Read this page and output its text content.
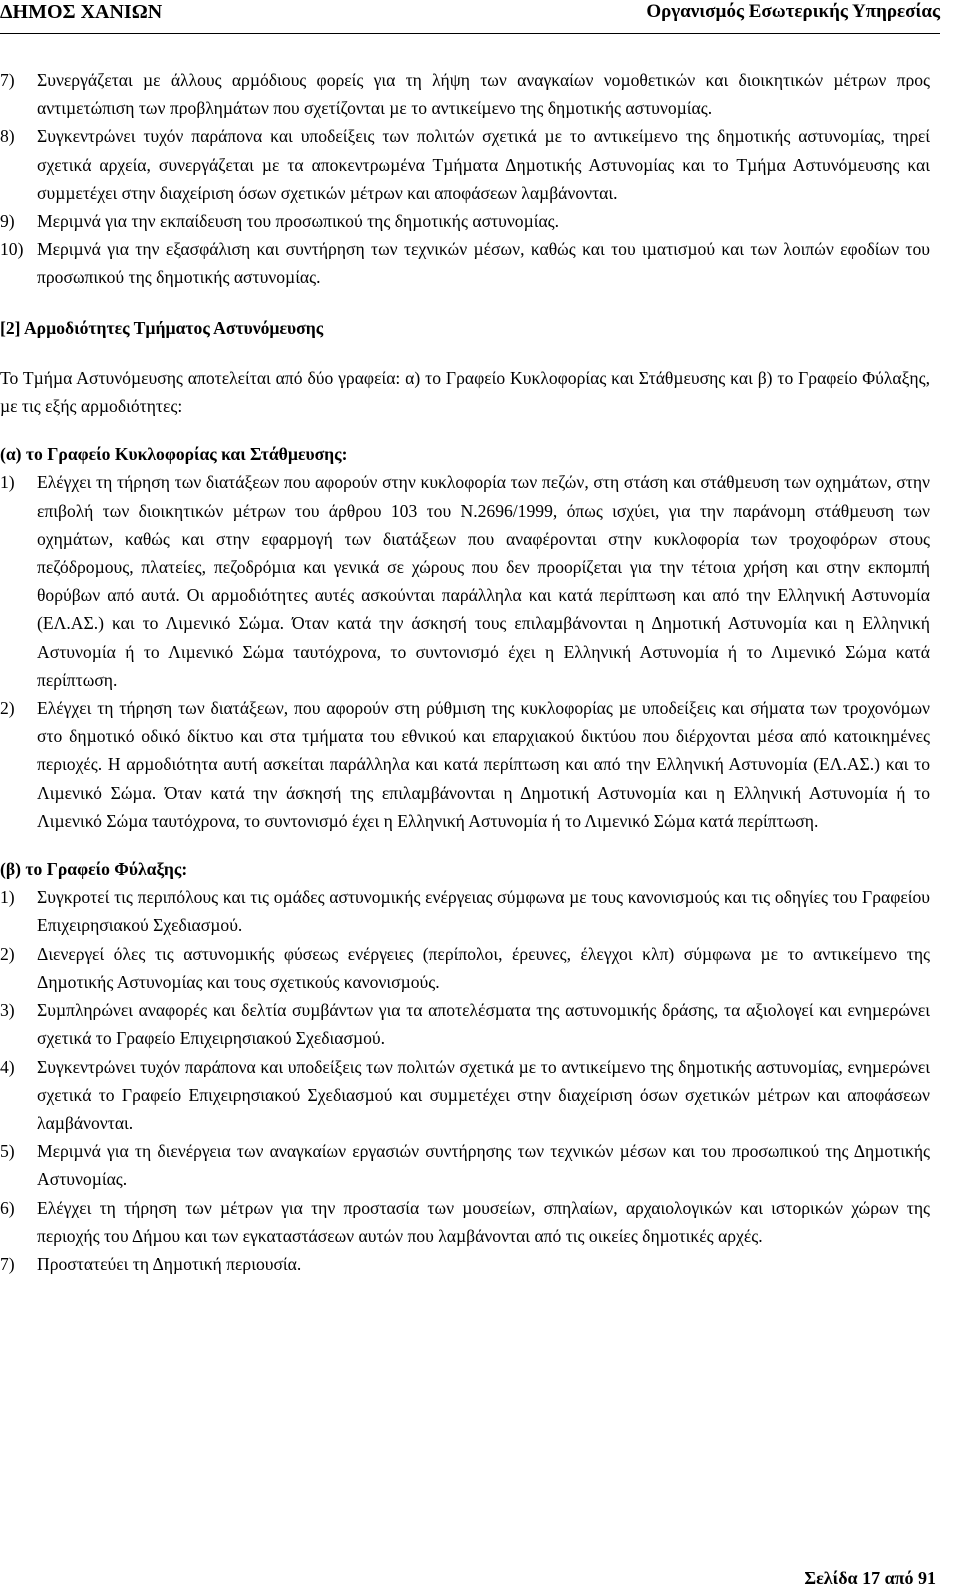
ΔΗΜΟΣ ΧΑΝΙΩΝ	Οργανισµός Εσωτερικής Υπηρεσίας
7)	Συνεργάζεται µε άλλους αρµόδιους φορείς για τη λήψη των αναγκαίων νοµοθετικών και διοικητικών µέτρων προς αντιµετώπιση των προβληµάτων που σχετίζονται µε το αντικείµενο της δηµοτικής αστυνοµίας.
8)	Συγκεντρώνει τυχόν παράπονα και υποδείξεις των πολιτών σχετικά µε το αντικείµενο της δηµοτικής αστυνοµίας, τηρεί σχετικά αρχεία, συνεργάζεται µε τα αποκεντρωµένα Τµήµατα Δηµοτικής Αστυνοµίας και το Τµήµα Αστυνόµευσης και συµµετέχει στην διαχείριση όσων σχετικών µέτρων και αποφάσεων λαµβάνονται.
9)	Μεριµνά για την εκπαίδευση του προσωπικού της δηµοτικής αστυνοµίας.
10) Μεριµνά για την εξασφάλιση και συντήρηση των τεχνικών µέσων, καθώς και του ιµατισµού και των λοιπών εφοδίων του προσωπικού της δηµοτικής αστυνοµίας.
[2] Αρµοδιότητες Τµήµατος Αστυνόµευσης
Το Τµήµα Αστυνόµευσης αποτελείται από δύο γραφεία: α) το Γραφείο Κυκλοφορίας και Στάθµευσης και β) το Γραφείο Φύλαξης, µε τις εξής αρµοδιότητες:
(α) το Γραφείο Κυκλοφορίας και Στάθµευσης:
1)	Ελέγχει τη τήρηση των διατάξεων που αφορούν στην κυκλοφορία των πεζών, στη στάση και στάθµευση των οχηµάτων, στην επιβολή των διοικητικών µέτρων του άρθρου 103 του Ν.2696/1999, όπως ισχύει, για την παράνοµη στάθµευση των οχηµάτων, καθώς και στην εφαρµογή των διατάξεων που αναφέρονται στην κυκλοφορία των τροχοφόρων στους πεζόδροµους, πλατείες, πεζοδρόµια και γενικά σε χώρους που δεν προορίζεται για την τέτοια χρήση και στην εκποµπή θορύβων από αυτά. Οι αρµοδιότητες αυτές ασκούνται παράλληλα και κατά περίπτωση και από την Ελληνική Αστυνοµία (ΕΛ.ΑΣ.) και το Λιµενικό Σώµα. Όταν κατά την άσκησή τους επιλαµβάνονται η Δηµοτική Αστυνοµία και η Ελληνική Αστυνοµία ή το Λιµενικό Σώµα ταυτόχρονα, το συντονισµό έχει η Ελληνική Αστυνοµία ή το Λιµενικό Σώµα κατά περίπτωση.
2)	Ελέγχει τη τήρηση των διατάξεων, που αφορούν στη ρύθµιση της κυκλοφορίας µε υποδείξεις και σήµατα των τροχονόµων στο δηµοτικό οδικό δίκτυο και στα τµήματα του εθνικού και επαρχιακού δικτύου που διέρχονται µέσα από κατοικηµένες περιοχές. Η αρµοδιότητα αυτή ασκείται παράλληλα και κατά περίπτωση και από την Ελληνική Αστυνοµία (ΕΛ.ΑΣ.) και το Λιµενικό Σώµα. Όταν κατά την άσκησή της επιλαµβάνονται η Δηµοτική Αστυνοµία και η Ελληνική Αστυνοµία ή το Λιµενικό Σώµα ταυτόχρονα, το συντονισµό έχει η Ελληνική Αστυνοµία ή το Λιµενικό Σώµα κατά περίπτωση.
(β) το Γραφείο Φύλαξης:
1)	Συγκροτεί τις περιπόλους και τις οµάδες αστυνοµικής ενέργειας σύµφωνα µε τους κανονισµούς και τις οδηγίες του Γραφείου Επιχειρησιακού Σχεδιασµού.
2)	Διενεργεί όλες τις αστυνοµικής φύσεως ενέργειες (περίπολοι, έρευνες, έλεγχοι κλπ) σύµφωνα µε το αντικείµενο της Δηµοτικής Αστυνοµίας και τους σχετικούς κανονισµούς.
3)	Συµπληρώνει αναφορές και δελτία συµβάντων για τα αποτελέσµατα της αστυνοµικής δράσης, τα αξιολογεί και ενηµερώνει σχετικά το Γραφείο Επιχειρησιακού Σχεδιασµού.
4)	Συγκεντρώνει τυχόν παράπονα και υποδείξεις των πολιτών σχετικά µε το αντικείµενο της δηµοτικής αστυνοµίας, ενηµερώνει σχετικά το Γραφείο Επιχειρησιακού Σχεδιασµού και συµµετέχει στην διαχείριση όσων σχετικών µέτρων και αποφάσεων λαµβάνονται.
5)	Μεριµνά για τη διενέργεια των αναγκαίων εργασιών συντήρησης των τεχνικών µέσων και του προσωπικού της Δηµοτικής Αστυνοµίας.
6)	Ελέγχει τη τήρηση των µέτρων για την προστασία των µουσείων, σπηλαίων, αρχαιολογικών και ιστορικών χώρων της περιοχής του Δήµου και των εγκαταστάσεων αυτών που λαµβάνονται από τις οικείες δηµοτικές αρχές.
7)	Προστατεύει τη Δηµοτική περιουσία.
Σελίδα 17 από 91
